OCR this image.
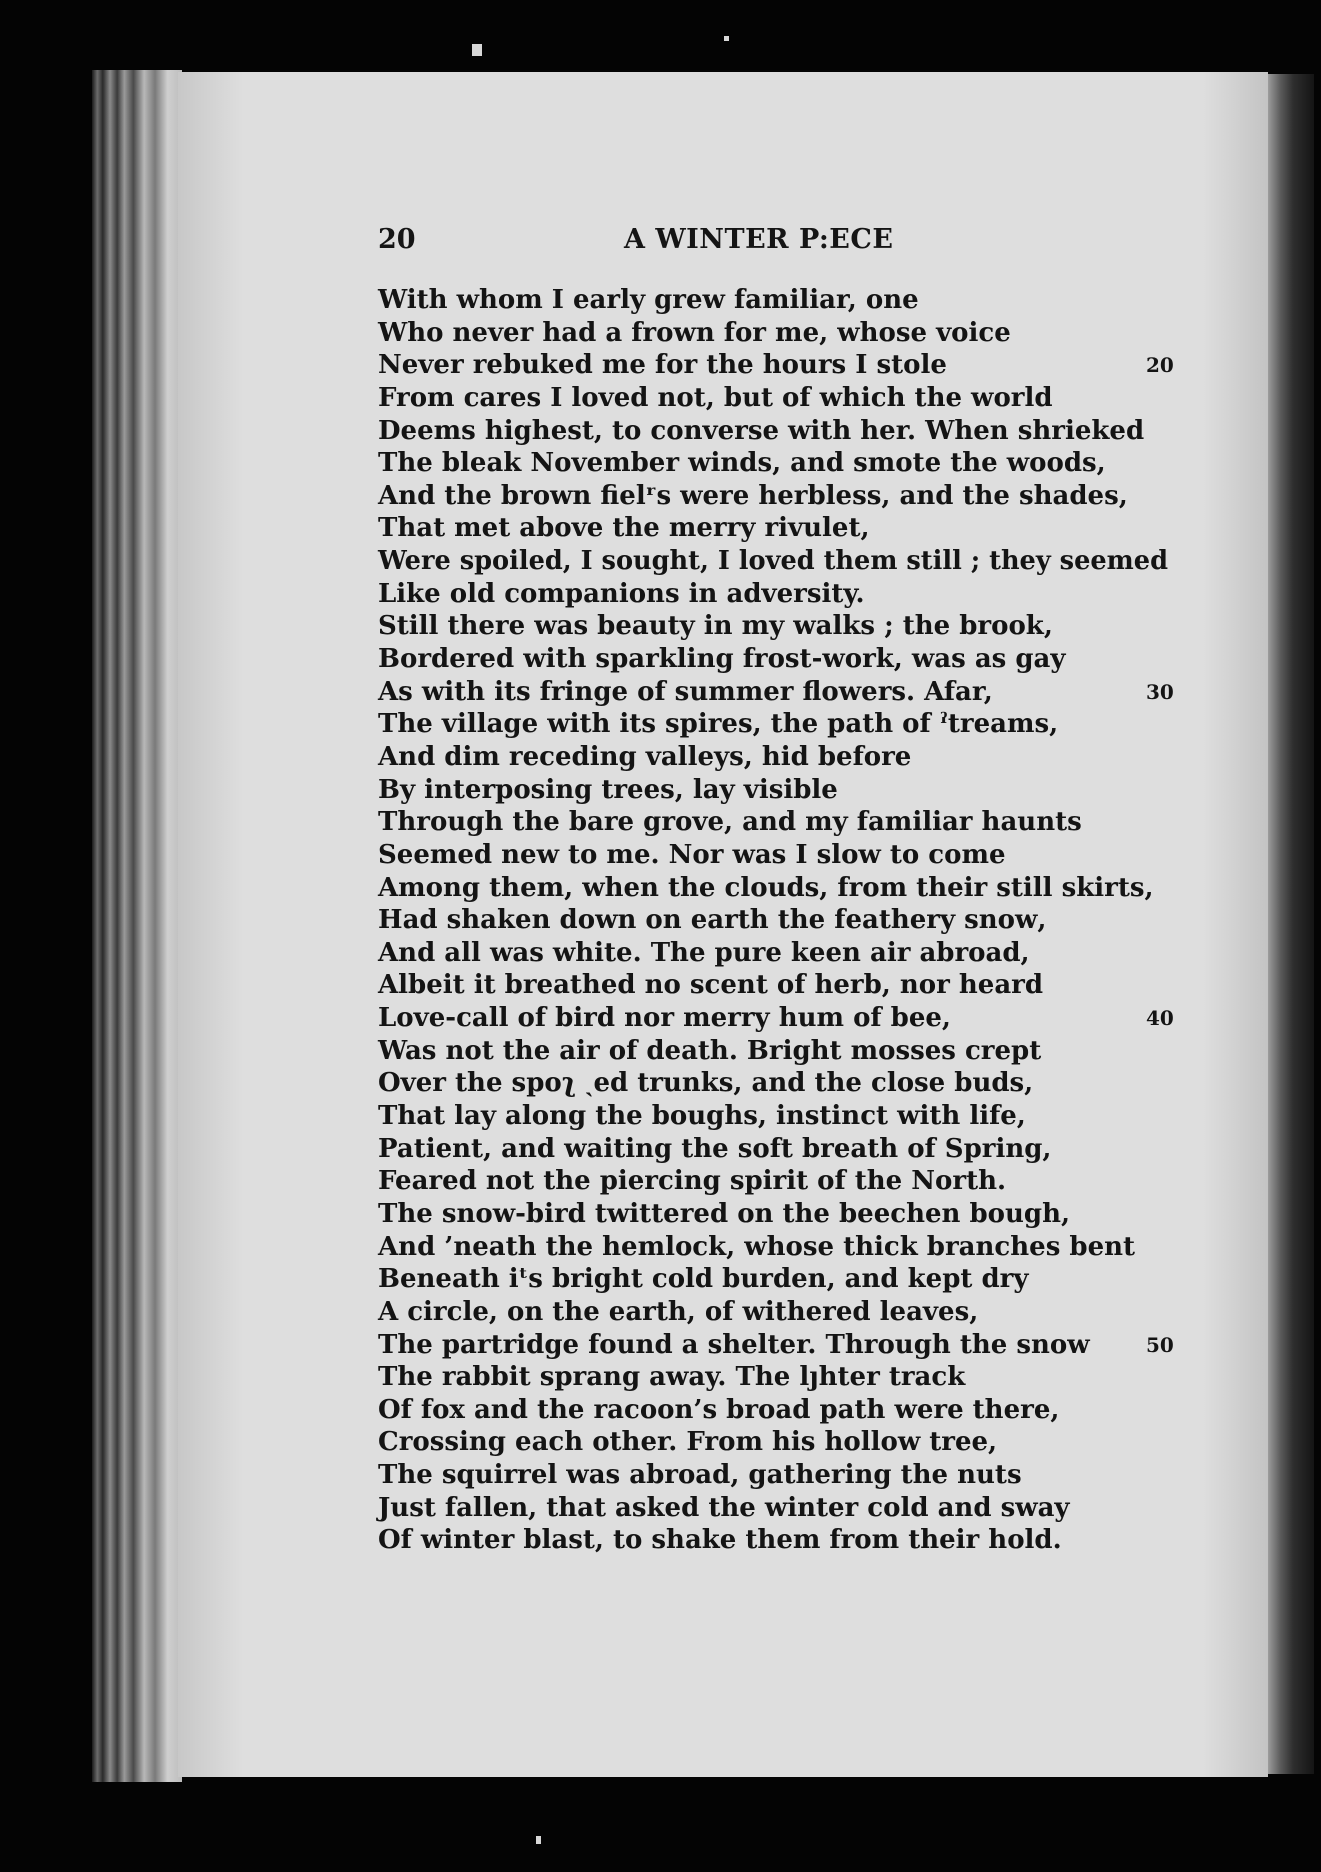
20	A WINTER P:ECE
With whom I early grew familiar, one
Who never had a frown for me, whose voice
Never rebuked me for the hours I stole	20
From cares I loved not, but of which the world
Deems highest, to converse with her. When shrieked
The bleak November winds, and smote the woods,
And the brown fielʳs were herbless, and the shades,
That met above the merry rivulet,
Were spoiled, I sought, I loved them still ; they seemed
Like old companions in adversity.
Still there was beauty in my walks ; the brook,
Bordered with sparkling frost-work, was as gay
As with its fringe of summer flowers. Afar,	30
The village with its spires, the path of ˀtreams,
And dim receding valleys, hid before
By interposing trees, lay visible
Through the bare grove, and my familiar haunts
Seemed new to me. Nor was I slow to come
Among them, when the clouds, from their still skirts,
Had shaken down on earth the feathery snoᴡ,
And all was white. The pure keen air abroad,
Albeit it breathed no scent of herb, nor heard
Love-call of bird nor merry hum of bee,	40
Was not the air of death. Bright mosses crept
Over the spoʅ ˎed trunks, and the close buds,
That lay along the boughs, instinct with life,
Patient, and waiting the soft breath of Spring,
Feared not the piercing spirit of the North.
The snow-bird twittered on the beechen bough,
And ’neath the hemlock, whose thick branches bent
Beneath iᵗs bright cold burden, and kept dry
A circle, on the earth, of withered leaves,
The partridge found a shelter. Through the snow	50
The rabbit sprang away. The lȷhter track
Of fox and the racoon’s broad path were there,
Crossing each other. From his hollow tree,
The squirrel was abroad, gathering the nuts
Just fallen, that asked the winter cold and sway
Of winter blast, to shake them from their hold.
